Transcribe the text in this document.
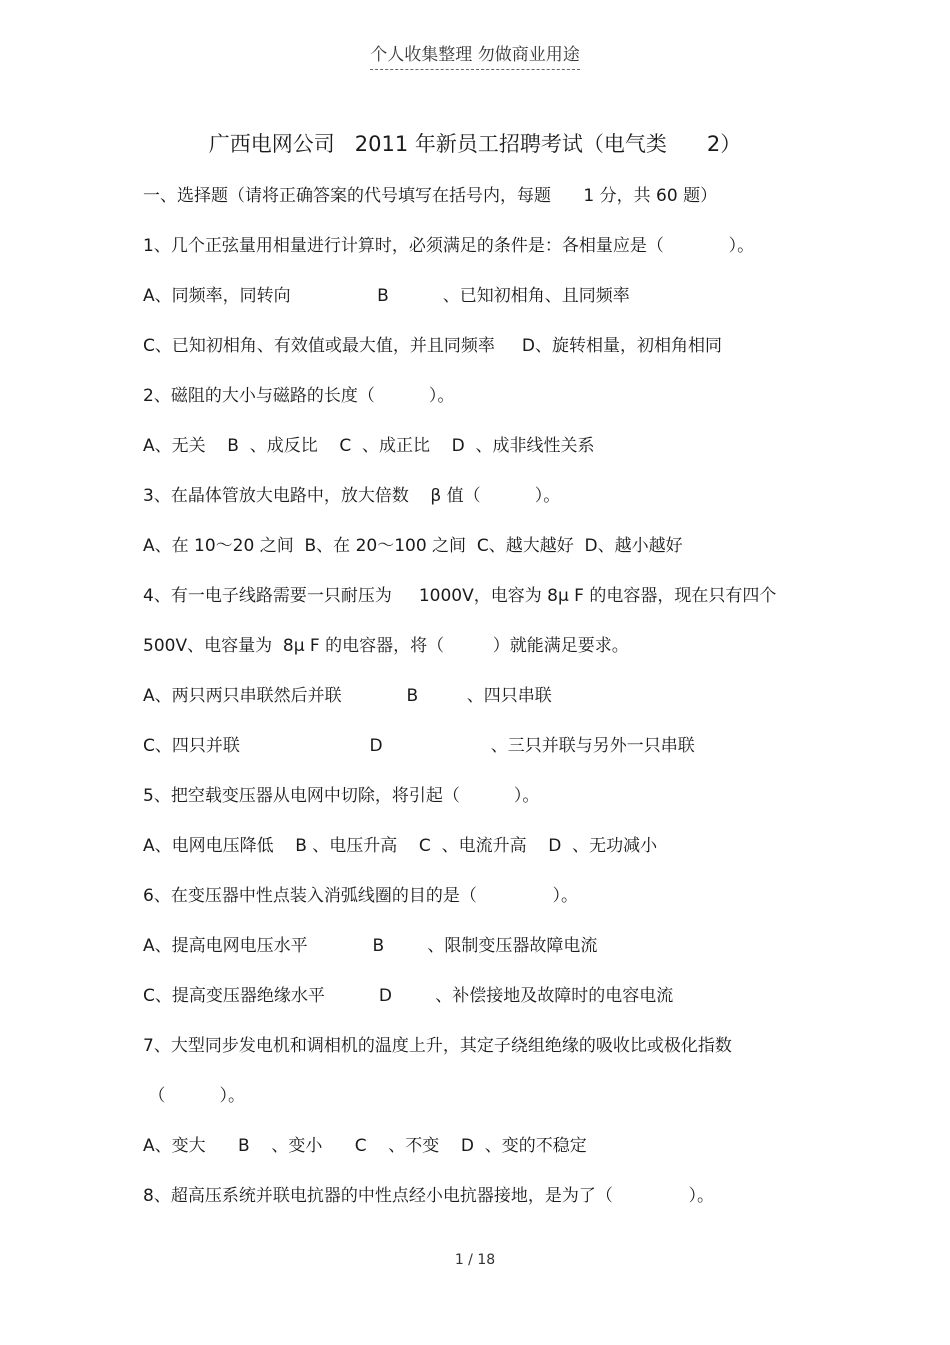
个人收集整理 勿做商业用途
广西电网公司   2011 年新员工招聘考试（电气类      2）
一、选择题（请将正确答案的代号填写在括号内，每题      1 分，共 60 题）
1、几个正弦量用相量进行计算时，必须满足的条件是：各相量应是（            ）。
A、同频率，同转向                B          、已知初相角、且同频率
C、已知初相角、有效值或最大值，并且同频率     D、旋转相量，初相角相同
2、磁阻的大小与磁路的长度（          ）。
A、无关    B  、成反比    C  、成正比    D  、成非线性关系
3、在晶体管放大电路中，放大倍数    β 值（          ）。
A、在 10～20 之间  B、在 20～100 之间  C、越大越好  D、越小越好
4、有一电子线路需要一只耐压为     1000V，电容为 8μ F 的电容器，现在只有四个
500V、电容量为  8μ F 的电容器，将（         ）就能满足要求。
A、两只两只串联然后并联            B         、四只串联
C、四只并联                        D                    、三只并联与另外一只串联
5、把空载变压器从电网中切除，将引起（          ）。
A、电网电压降低    B 、电压升高    C  、电流升高    D  、无功减小
6、在变压器中性点装入消弧线圈的目的是（              ）。
A、提高电网电压水平            B        、限制变压器故障电流
C、提高变压器绝缘水平          D        、补偿接地及故障时的电容电流
7、大型同步发电机和调相机的温度上升，其定子绕组绝缘的吸收比或极化指数
（          ）。
A、变大      B    、变小      C    、不变    D  、变的不稳定
8、超高压系统并联电抗器的中性点经小电抗器接地，是为了（              ）。
1 / 18
